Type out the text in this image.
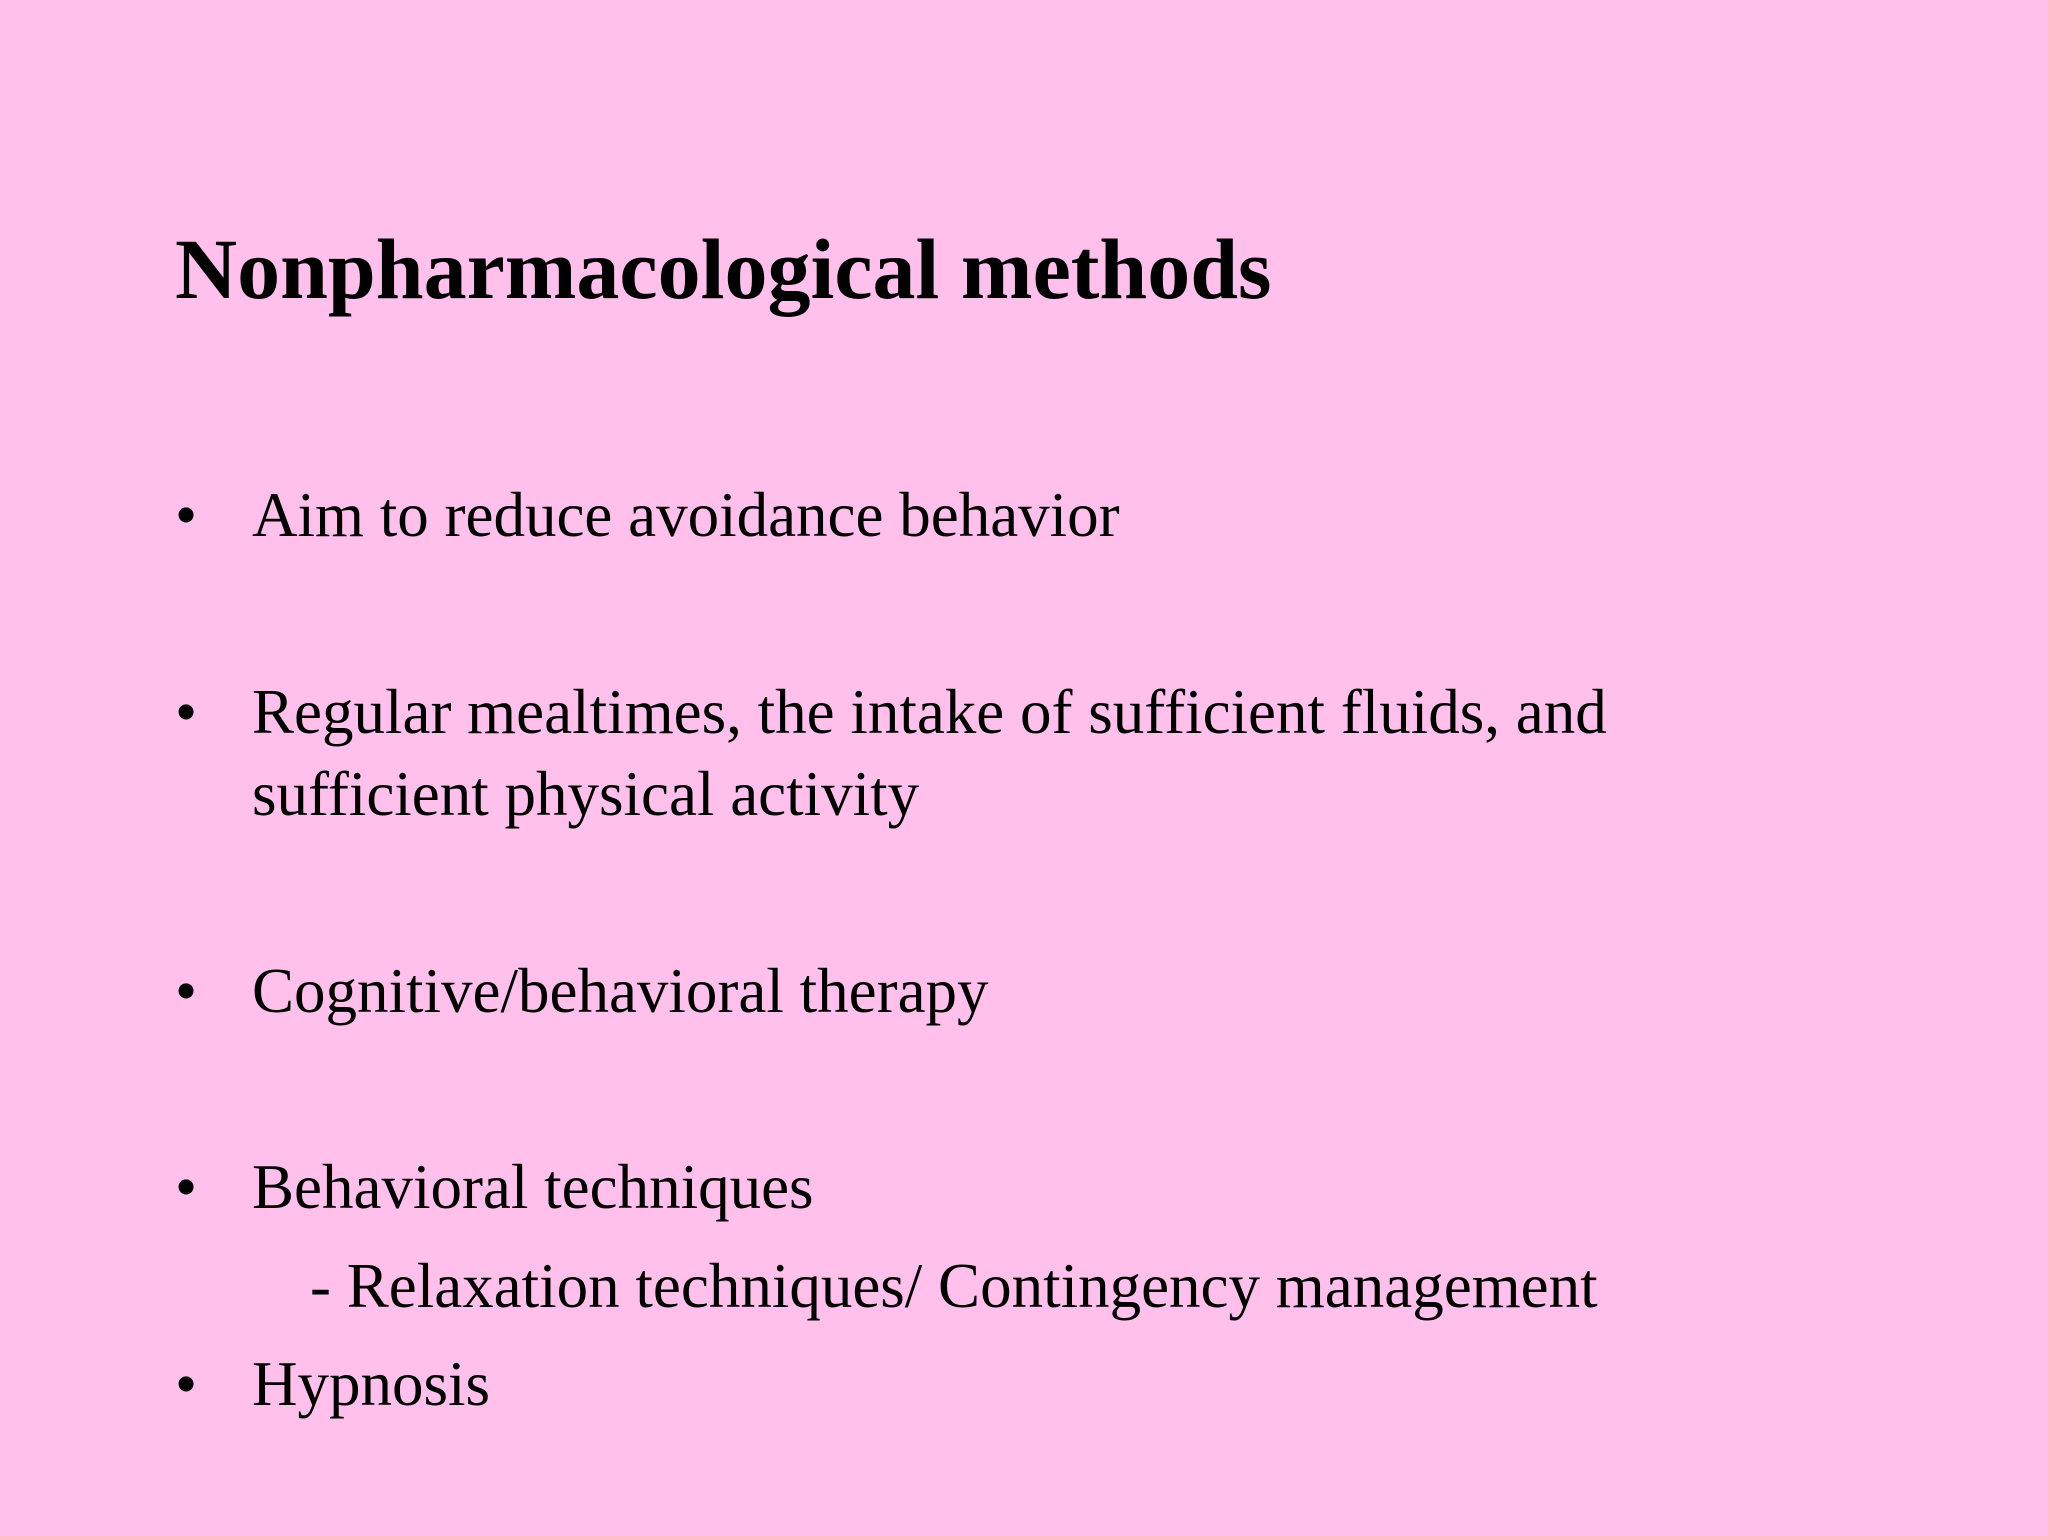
Nonpharmacological methods
• Aim to reduce avoidance behavior
• Regular mealtimes, the intake of sufficient fluids, and sufficient physical activity
• Cognitive/behavioral therapy
• Behavioral techniques
- Relaxation techniques/ Contingency management
• Hypnosis
